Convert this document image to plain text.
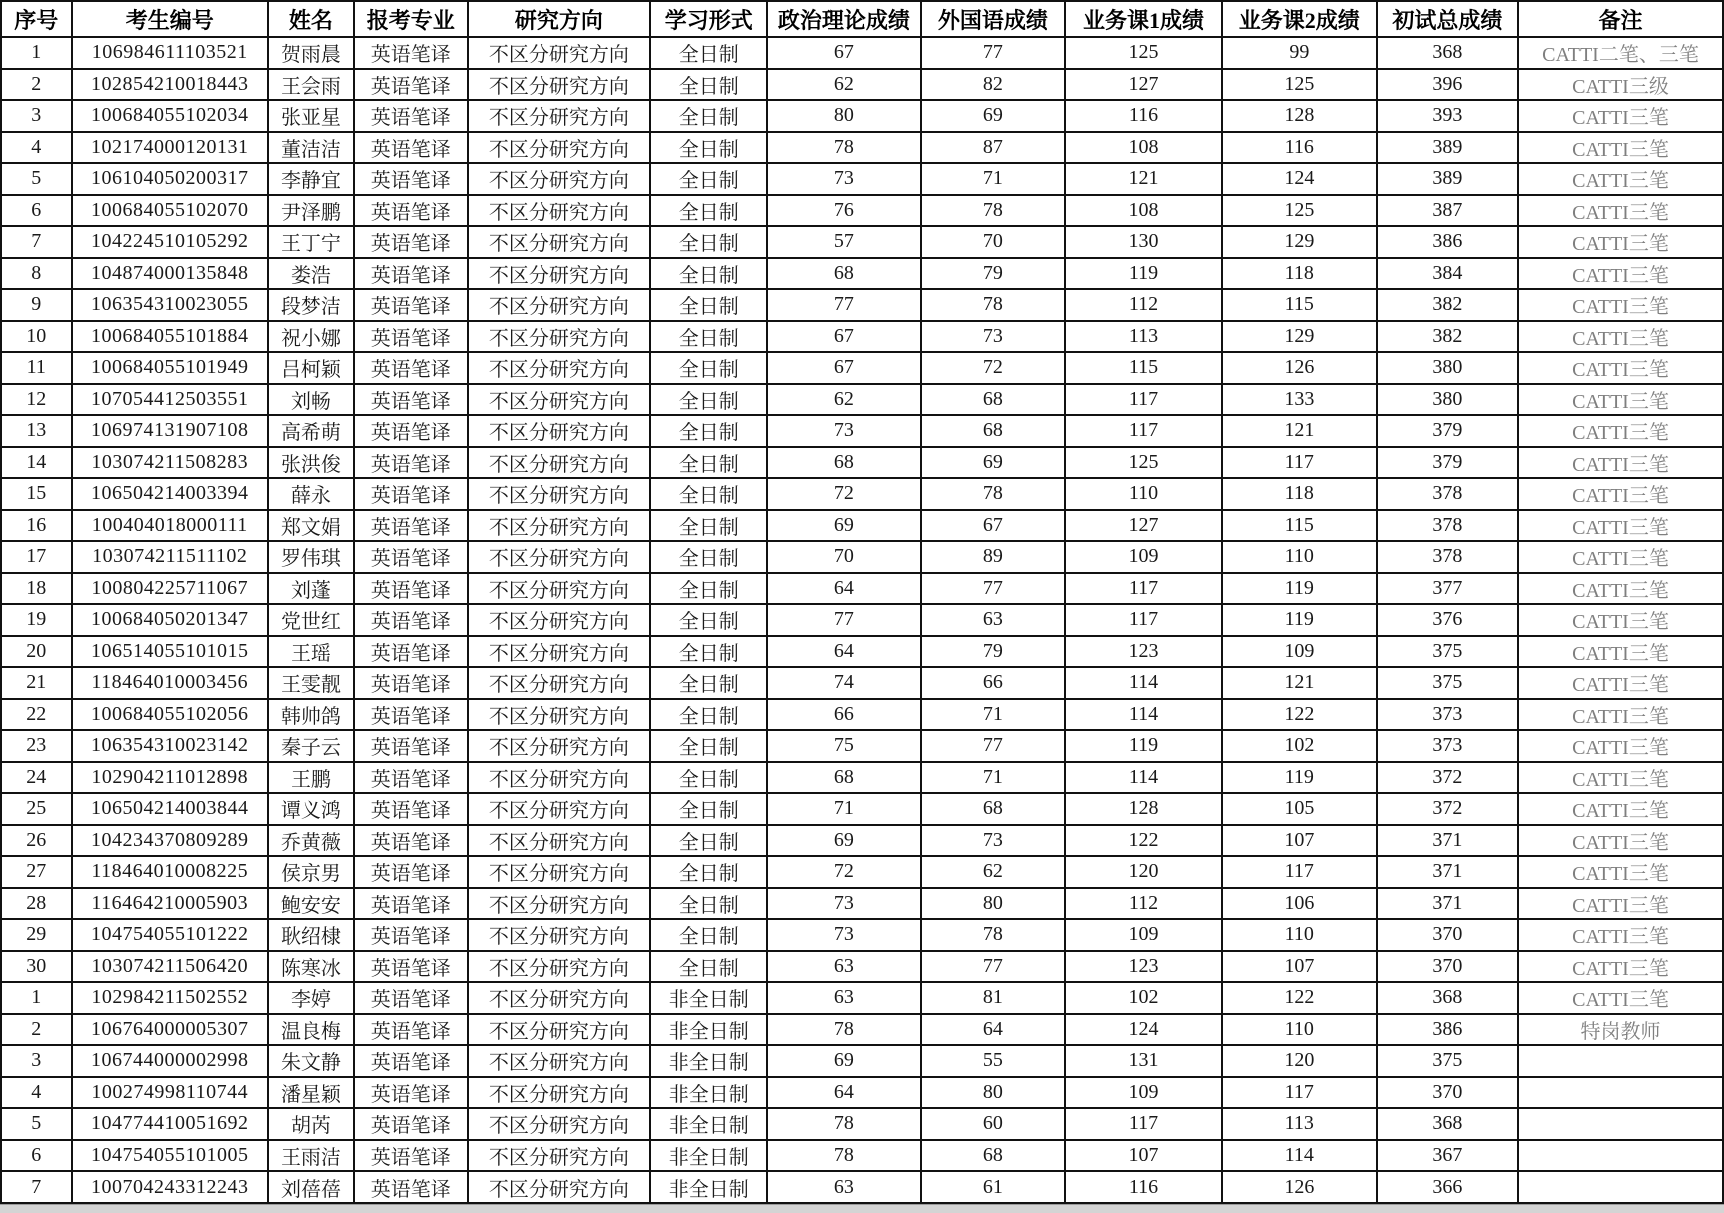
序号	考生编号	姓名	报考专业	研究方向	学习形式	政治理论成绩	外国语成绩	业务课1成绩	业务课2成绩	初试总成绩	备注
1	106984611103521	贺雨晨	英语笔译	不区分研究方向	全日制	67	77	125	99	368	CATTI二笔、三笔
2	102854210018443	王会雨	英语笔译	不区分研究方向	全日制	62	82	127	125	396	CATTI三级
3	100684055102034	张亚星	英语笔译	不区分研究方向	全日制	80	69	116	128	393	CATTI三笔
4	102174000120131	董洁洁	英语笔译	不区分研究方向	全日制	78	87	108	116	389	CATTI三笔
5	106104050200317	李静宜	英语笔译	不区分研究方向	全日制	73	71	121	124	389	CATTI三笔
6	100684055102070	尹泽鹏	英语笔译	不区分研究方向	全日制	76	78	108	125	387	CATTI三笔
7	104224510105292	王丁宁	英语笔译	不区分研究方向	全日制	57	70	130	129	386	CATTI三笔
8	104874000135848	娄浩	英语笔译	不区分研究方向	全日制	68	79	119	118	384	CATTI三笔
9	106354310023055	段梦洁	英语笔译	不区分研究方向	全日制	77	78	112	115	382	CATTI三笔
10	100684055101884	祝小娜	英语笔译	不区分研究方向	全日制	67	73	113	129	382	CATTI三笔
11	100684055101949	吕柯颖	英语笔译	不区分研究方向	全日制	67	72	115	126	380	CATTI三笔
12	107054412503551	刘畅	英语笔译	不区分研究方向	全日制	62	68	117	133	380	CATTI三笔
13	106974131907108	高希萌	英语笔译	不区分研究方向	全日制	73	68	117	121	379	CATTI三笔
14	103074211508283	张洪俊	英语笔译	不区分研究方向	全日制	68	69	125	117	379	CATTI三笔
15	106504214003394	薛永	英语笔译	不区分研究方向	全日制	72	78	110	118	378	CATTI三笔
16	100404018000111	郑文娟	英语笔译	不区分研究方向	全日制	69	67	127	115	378	CATTI三笔
17	103074211511102	罗伟琪	英语笔译	不区分研究方向	全日制	70	89	109	110	378	CATTI三笔
18	100804225711067	刘蓬	英语笔译	不区分研究方向	全日制	64	77	117	119	377	CATTI三笔
19	100684050201347	党世红	英语笔译	不区分研究方向	全日制	77	63	117	119	376	CATTI三笔
20	106514055101015	王瑶	英语笔译	不区分研究方向	全日制	64	79	123	109	375	CATTI三笔
21	118464010003456	王雯靓	英语笔译	不区分研究方向	全日制	74	66	114	121	375	CATTI三笔
22	100684055102056	韩帅鸽	英语笔译	不区分研究方向	全日制	66	71	114	122	373	CATTI三笔
23	106354310023142	秦子云	英语笔译	不区分研究方向	全日制	75	77	119	102	373	CATTI三笔
24	102904211012898	王鹏	英语笔译	不区分研究方向	全日制	68	71	114	119	372	CATTI三笔
25	106504214003844	谭义鸿	英语笔译	不区分研究方向	全日制	71	68	128	105	372	CATTI三笔
26	104234370809289	乔黄薇	英语笔译	不区分研究方向	全日制	69	73	122	107	371	CATTI三笔
27	118464010008225	侯京男	英语笔译	不区分研究方向	全日制	72	62	120	117	371	CATTI三笔
28	116464210005903	鲍安安	英语笔译	不区分研究方向	全日制	73	80	112	106	371	CATTI三笔
29	104754055101222	耿绍棣	英语笔译	不区分研究方向	全日制	73	78	109	110	370	CATTI三笔
30	103074211506420	陈寒冰	英语笔译	不区分研究方向	全日制	63	77	123	107	370	CATTI三笔
1	102984211502552	李婷	英语笔译	不区分研究方向	非全日制	63	81	102	122	368	CATTI三笔
2	106764000005307	温良梅	英语笔译	不区分研究方向	非全日制	78	64	124	110	386	特岗教师
3	106744000002998	朱文静	英语笔译	不区分研究方向	非全日制	69	55	131	120	375	
4	100274998110744	潘星颖	英语笔译	不区分研究方向	非全日制	64	80	109	117	370	
5	104774410051692	胡芮	英语笔译	不区分研究方向	非全日制	78	60	117	113	368	
6	104754055101005	王雨洁	英语笔译	不区分研究方向	非全日制	78	68	107	114	367	
7	100704243312243	刘蓓蓓	英语笔译	不区分研究方向	非全日制	63	61	116	126	366	
